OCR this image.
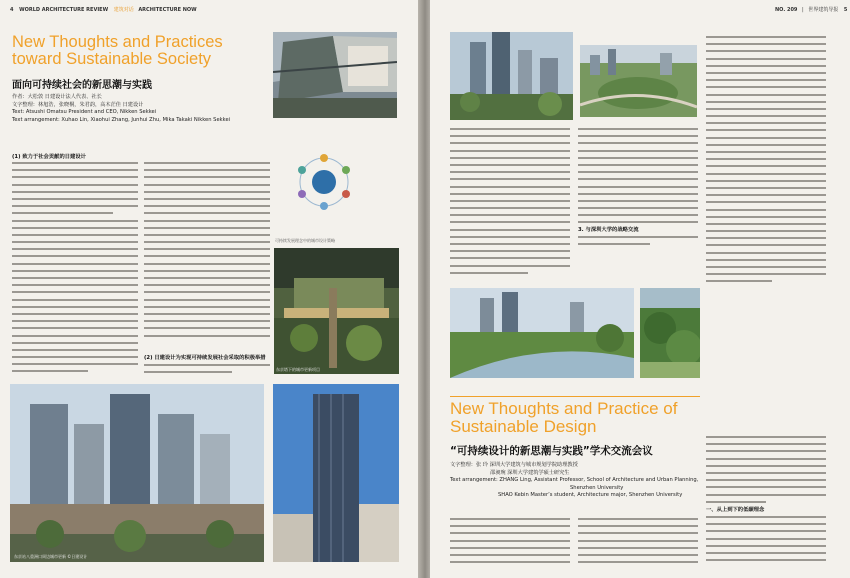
4 WORLD ARCHITECTURE REVIEW 建筑对话 ARCHITECTURE NOW
New Thoughts and Practices
toward Sustainable Society
面向可持续社会的新思潮与实践
作者：大松敦 日建设计法人代表、社长
文字整理：林旭浩，张晓桐，朱君韵，高木茫佳 日建设计
Text: Atsushi Omatsu President and CEO, Nikken Sekkei
Text arrangement: Xuhao Lin, Xiaohui Zhang, Junhui Zhu, Mika Takaki Nikken Sekkei
可持续发展理念中的城市设计策略
东京塔下的城市更新项目
(1) 致力于社会贡献的日建设计
(2) 日建设计为实现可持续发展社会采取的积极举措
东京站八重洲口周边城市更新 ©日建设计
NO. 209 | 世界建筑导报 5
3. 与深圳大学的战略交流
New Thoughts and Practice of
Sustainable Design
“可持续设计的新思潮与实践”学术交流会议
文字整理：张 玲 深圳大学建筑与城市规划学院助理教授
邵昶琬 深圳大学建筑学硕士研究生
Text arrangement: ZHANG Ling, Assistant Professor, School of Architecture and Urban Planning,
Shenzhen University
SHAO Kebin Master’s student, Architecture major, Shenzhen University
一、从上到下的低碳理念
